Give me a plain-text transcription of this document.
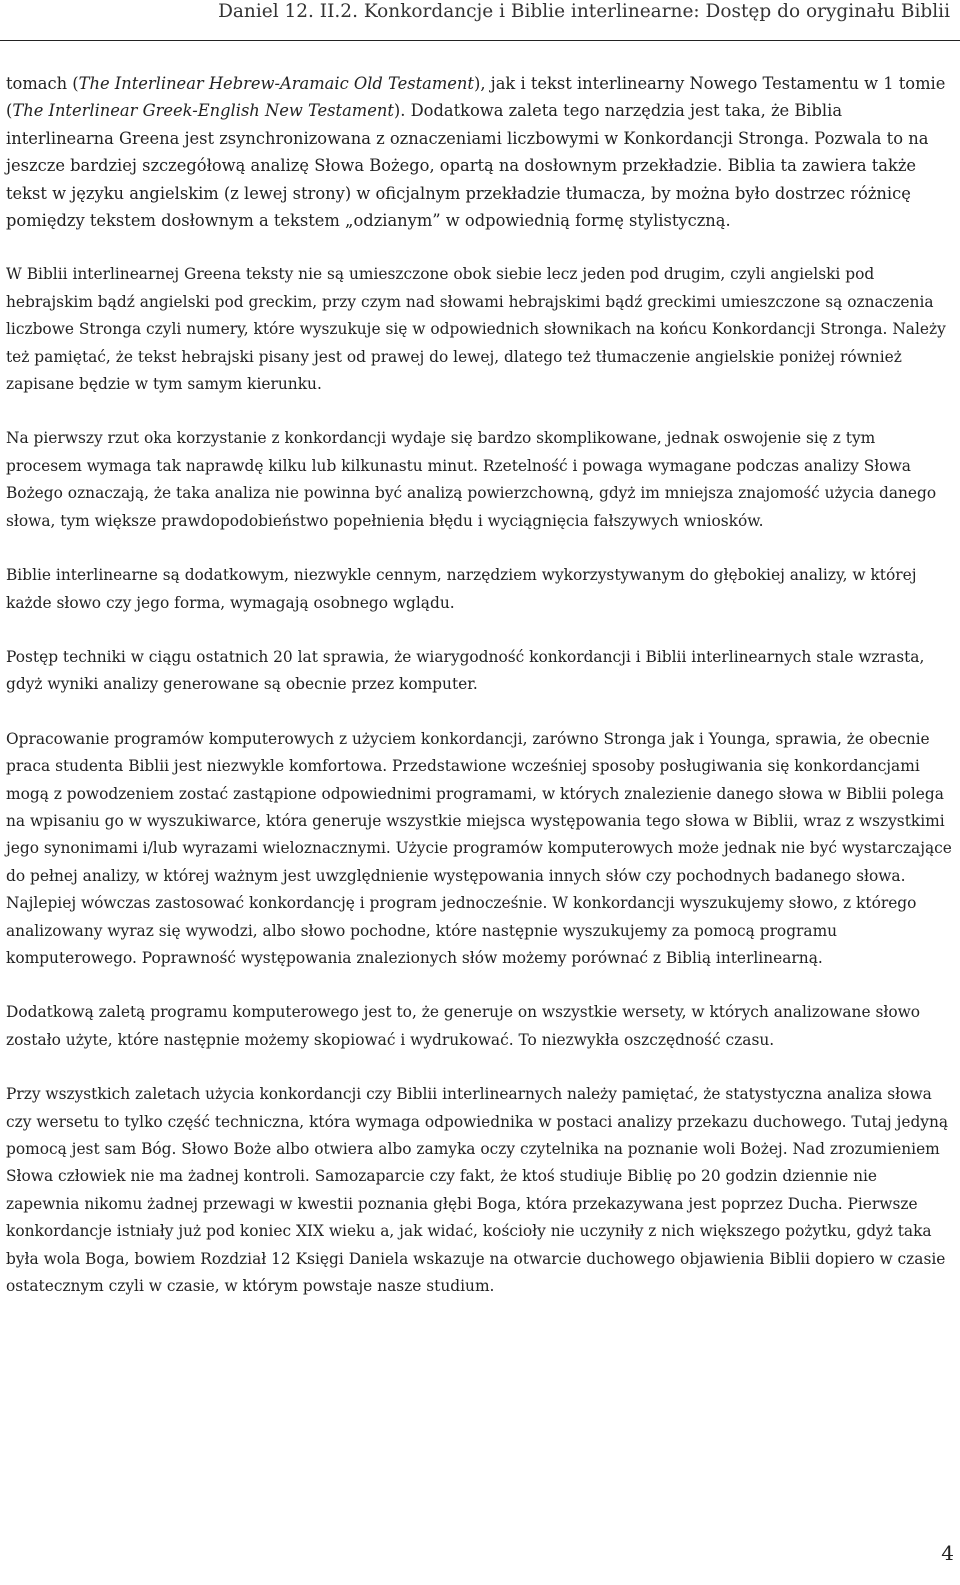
Daniel 12. II.2. Konkordancje i Biblie interlinearne: Dostęp do oryginału Biblii

tomach (The Interlinear Hebrew-Aramaic Old Testament), jak i tekst interlinearny Nowego Testamentu w 1 tomie (The Interlinear Greek-English New Testament). Dodatkowa zaleta tego narzędzia jest taka, że Biblia interlinearna Greena jest zsynchronizowana z oznaczeniami liczbowymi w Konkordancji Stronga. Pozwala to na jeszcze bardziej szczegółową analizę Słowa Bożego, opartą na dosłownym przekładzie. Biblia ta zawiera także tekst w języku angielskim (z lewej strony) w oficjalnym przekładzie tłumacza, by można było dostrzec różnicę pomiędzy tekstem dosłownym a tekstem „odzianym” w odpowiednią formę stylistyczną.

W Biblii interlinearnej Greena teksty nie są umieszczone obok siebie lecz jeden pod drugim, czyli angielski pod hebrajskim bądź angielski pod greckim, przy czym nad słowami hebrajskimi bądź greckimi umieszczone są oznaczenia liczbowe Stronga czyli numery, które wyszukuje się w odpowiednich słownikach na końcu Konkordancji Stronga. Należy też pamiętać, że tekst hebrajski pisany jest od prawej do lewej, dlatego też tłumaczenie angielskie poniżej również zapisane będzie w tym samym kierunku.

Na pierwszy rzut oka korzystanie z konkordancji wydaje się bardzo skomplikowane, jednak oswojenie się z tym procesem wymaga tak naprawdę kilku lub kilkunastu minut. Rzetelność i powaga wymagane podczas analizy Słowa Bożego oznaczają, że taka analiza nie powinna być analizą powierzchowną, gdyż im mniejsza znajomość użycia danego słowa, tym większe prawdopodobieństwo popełnienia błędu i wyciągnięcia fałszywych wniosków.

Biblie interlinearne są dodatkowym, niezwykle cennym, narzędziem wykorzystywanym do głębokiej analizy, w której każde słowo czy jego forma, wymagają osobnego wglądu.

Postęp techniki w ciągu ostatnich 20 lat sprawia, że wiarygodność konkordancji i Biblii interlinearnych stale wzrasta, gdyż wyniki analizy generowane są obecnie przez komputer.

Opracowanie programów komputerowych z użyciem konkordancji, zarówno Stronga jak i Younga, sprawia, że obecnie praca studenta Biblii jest niezwykle komfortowa. Przedstawione wcześniej sposoby posługiwania się konkordancjami mogą z powodzeniem zostać zastąpione odpowiednimi programami, w których znalezienie danego słowa w Biblii polega na wpisaniu go w wyszukiwarce, która generuje wszystkie miejsca występowania tego słowa w Biblii, wraz z wszystkimi jego synonimami i/lub wyrazami wieloznacznymi. Użycie programów komputerowych może jednak nie być wystarczające do pełnej analizy, w której ważnym jest uwzględnienie występowania innych słów czy pochodnych badanego słowa. Najlepiej wówczas zastosować konkordancję i program jednocześnie. W konkordancji wyszukujemy słowo, z którego analizowany wyraz się wywodzi, albo słowo pochodne, które następnie wyszukujemy za pomocą programu komputerowego. Poprawność występowania znalezionych słów możemy porównać z Biblią interlinearną.

Dodatkową zaletą programu komputerowego jest to, że generuje on wszystkie wersety, w których analizowane słowo zostało użyte, które następnie możemy skopiować i wydrukować. To niezwykła oszczędność czasu.

Przy wszystkich zaletach użycia konkordancji czy Biblii interlinearnych należy pamiętać, że statystyczna analiza słowa czy wersetu to tylko część techniczna, która wymaga odpowiednika w postaci analizy przekazu duchowego. Tutaj jedyną pomocą jest sam Bóg. Słowo Boże albo otwiera albo zamyka oczy czytelnika na poznanie woli Bożej. Nad zrozumieniem Słowa człowiek nie ma żadnej kontroli. Samozaparcie czy fakt, że ktoś studiuje Biblię po 20 godzin dziennie nie zapewnia nikomu żadnej przewagi w kwestii poznania głębi Boga, która przekazywana jest poprzez Ducha. Pierwsze konkordancje istniały już pod koniec XIX wieku a, jak widać, kościoły nie uczyniły z nich większego pożytku, gdyż taka była wola Boga, bowiem Rozdział 12 Księgi Daniela wskazuje na otwarcie duchowego objawienia Biblii dopiero w czasie ostatecznym czyli w czasie, w którym powstaje nasze studium.

4
